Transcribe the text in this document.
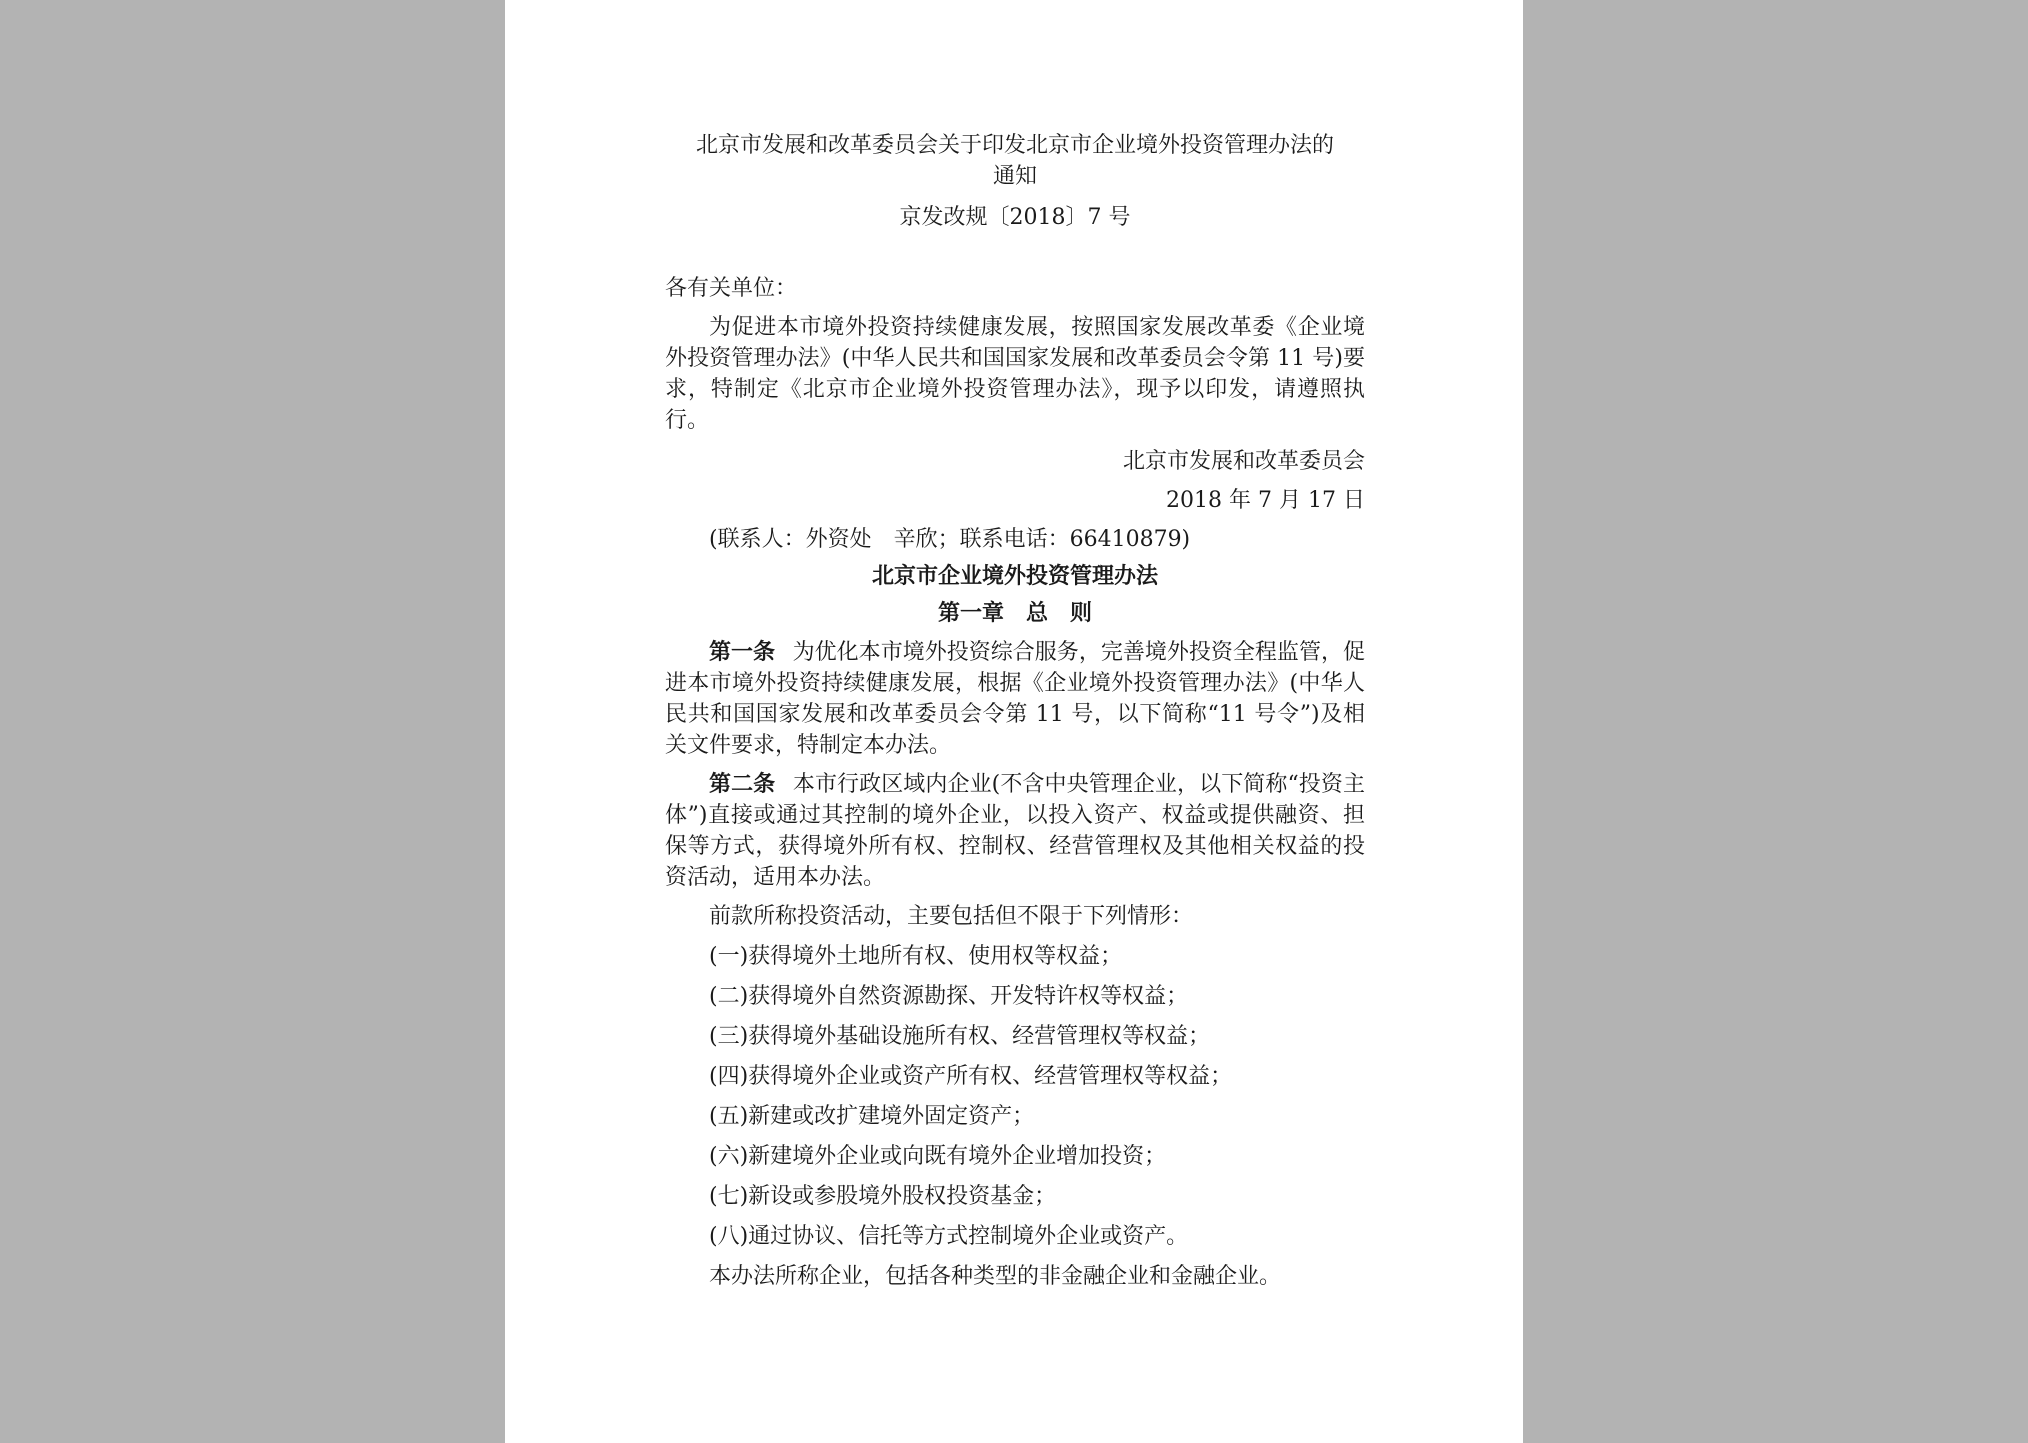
北京市发展和改革委员会关于印发北京市企业境外投资管理办法的
通知
京发改规〔2018〕7 号

各有关单位：

为促进本市境外投资持续健康发展，按照国家发展改革委《企业境外投资管理办法》(中华人民共和国国家发展和改革委员会令第 11 号)要求，特制定《北京市企业境外投资管理办法》，现予以印发，请遵照执行。

北京市发展和改革委员会

2018 年 7 月 17 日

(联系人：外资处　辛欣；联系电话：66410879)

北京市企业境外投资管理办法
第一章　总　则

第一条 为优化本市境外投资综合服务，完善境外投资全程监管，促进本市境外投资持续健康发展，根据《企业境外投资管理办法》(中华人民共和国国家发展和改革委员会令第 11 号，以下简称“11 号令”)及相关文件要求，特制定本办法。

第二条 本市行政区域内企业(不含中央管理企业，以下简称“投资主体”)直接或通过其控制的境外企业，以投入资产、权益或提供融资、担保等方式，获得境外所有权、控制权、经营管理权及其他相关权益的投资活动，适用本办法。

前款所称投资活动，主要包括但不限于下列情形：

(一)获得境外土地所有权、使用权等权益；

(二)获得境外自然资源勘探、开发特许权等权益；

(三)获得境外基础设施所有权、经营管理权等权益；

(四)获得境外企业或资产所有权、经营管理权等权益；

(五)新建或改扩建境外固定资产；

(六)新建境外企业或向既有境外企业增加投资；

(七)新设或参股境外股权投资基金；

(八)通过协议、信托等方式控制境外企业或资产。

本办法所称企业，包括各种类型的非金融企业和金融企业。
